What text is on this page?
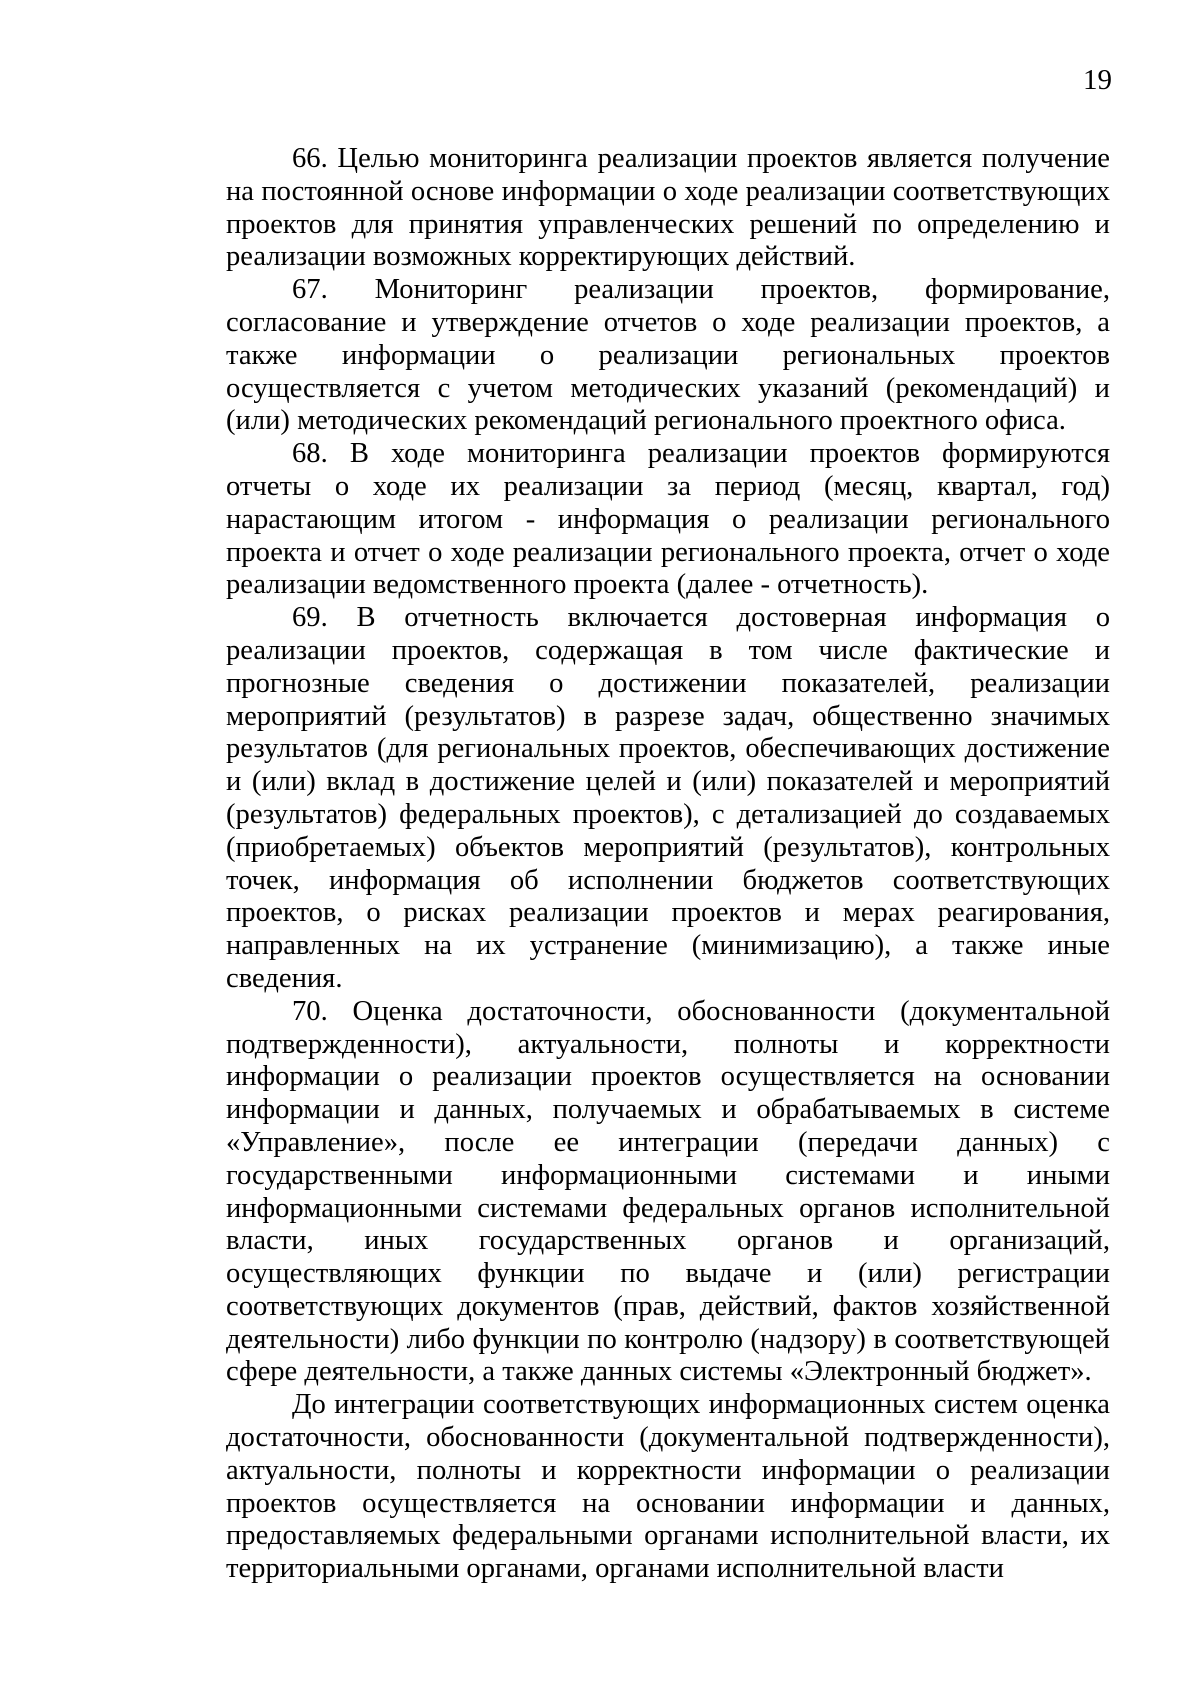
19

66. Целью мониторинга реализации проектов является получение на постоянной основе информации о ходе реализации соответствующих проектов для принятия управленческих решений по определению и реализации возможных корректирующих действий.

67. Мониторинг реализации проектов, формирование, согласование и утверждение отчетов о ходе реализации проектов, а также информации о реализации региональных проектов осуществляется с учетом методических указаний (рекомендаций) и (или) методических рекомендаций регионального проектного офиса.

68. В ходе мониторинга реализации проектов формируются отчеты о ходе их реализации за период (месяц, квартал, год) нарастающим итогом - информация о реализации регионального проекта и отчет о ходе реализации регионального проекта, отчет о ходе реализации ведомственного проекта (далее - отчетность).

69. В отчетность включается достоверная информация о реализации проектов, содержащая в том числе фактические и прогнозные сведения о достижении показателей, реализации мероприятий (результатов) в разрезе задач, общественно значимых результатов (для региональных проектов, обеспечивающих достижение и (или) вклад в достижение целей и (или) показателей и мероприятий (результатов) федеральных проектов), с детализацией до создаваемых (приобретаемых) объектов мероприятий (результатов), контрольных точек, информация об исполнении бюджетов соответствующих проектов, о рисках реализации проектов и мерах реагирования, направленных на их устранение (минимизацию), а также иные сведения.

70. Оценка достаточности, обоснованности (документальной подтвержденности), актуальности, полноты и корректности информации о реализации проектов осуществляется на основании информации и данных, получаемых и обрабатываемых в системе «Управление», после ее интеграции (передачи данных) с государственными информационными системами и иными информационными системами федеральных органов исполнительной власти, иных государственных органов и организаций, осуществляющих функции по выдаче и (или) регистрации соответствующих документов (прав, действий, фактов хозяйственной деятельности) либо функции по контролю (надзору) в соответствующей сфере деятельности, а также данных системы «Электронный бюджет».

До интеграции соответствующих информационных систем оценка достаточности, обоснованности (документальной подтвержденности), актуальности, полноты и корректности информации о реализации проектов осуществляется на основании информации и данных, предоставляемых федеральными органами исполнительной власти, их территориальными органами, органами исполнительной власти
